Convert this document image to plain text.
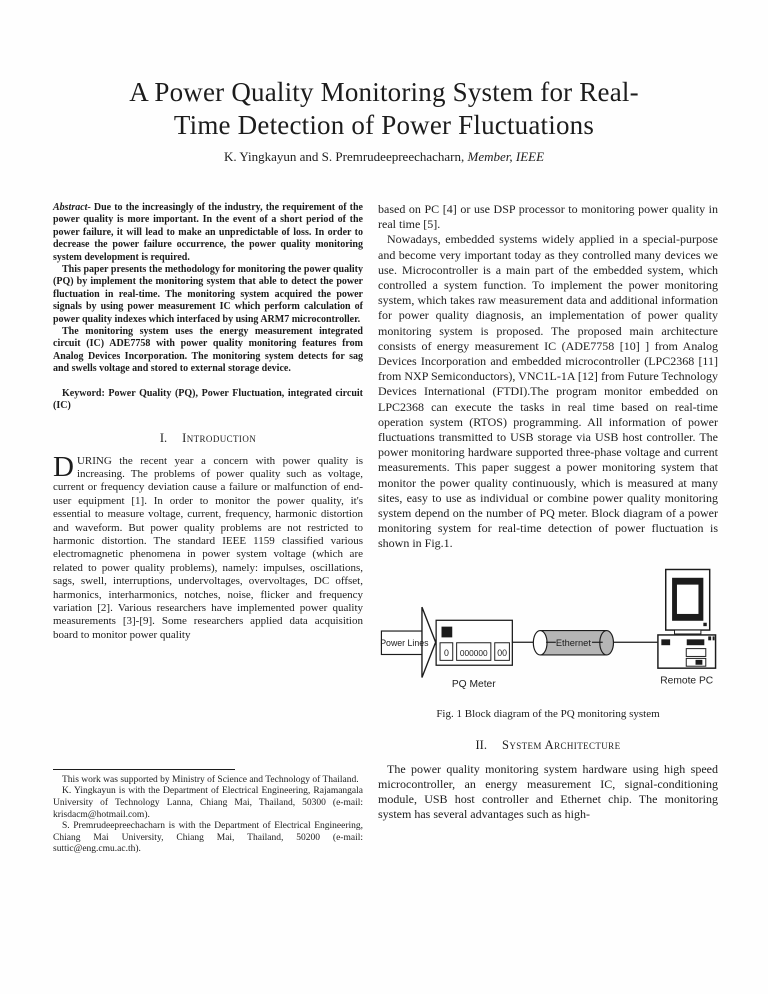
A Power Quality Monitoring System for Real-
Time Detection of Power Fluctuations
K. Yingkayun and S. Premrudeepreechacharn, Member, IEEE

Abstract- Due to the increasingly of the industry, the requirement of the power quality is more important. In the event of a short period of the power failure, it will lead to make an unpredictable of loss. In order to decrease the power failure occurrence, the power quality monitoring system development is required.

This paper presents the methodology for monitoring the power quality (PQ) by implement the monitoring system that able to detect the power fluctuation in real-time. The monitoring system acquired the power signals by using power measurement IC which perform calculation of power quality indexes which interfaced by using ARM7 microcontroller.

The monitoring system uses the energy measurement integrated circuit (IC) ADE7758 with power quality monitoring features from Analog Devices Incorporation. The monitoring system detects for sag and swells voltage and stored to external storage device.

Keyword: Power Quality (PQ), Power Fluctuation, integrated circuit (IC)

I. Introduction

DURING the recent year a concern with power quality is increasing. The problems of power quality such as voltage, current or frequency deviation cause a failure or malfunction of end-user equipment [1]. In order to monitor the power quality, it's essential to measure voltage, current, frequency, harmonic distortion and waveform. But power quality problems are not restricted to harmonic distortion. The standard IEEE 1159 classified various electromagnetic phenomena in power system voltage (which are related to power quality problems), namely: impulses, oscillations, sags, swell, interruptions, undervoltages, overvoltages, DC offset, harmonics, interharmonics, notches, noise, flicker and frequency variation [2]. Various researchers have implemented power quality measurements [3]-[9]. Some researchers applied data acquisition board to monitor power quality

This work was supported by Ministry of Science and Technology of Thailand.

K. Yingkayun is with the Department of Electrical Engineering, Rajamangala University of Technology Lanna, Chiang Mai, Thailand, 50300 (e-mail: krisdacm@hotmail.com).

S. Premrudeepreechacharn is with the Department of Electrical Engineering, Chiang Mai University, Chiang Mai, Thailand, 50200 (e-mail: suttic@eng.cmu.ac.th).

based on PC [4] or use DSP processor to monitoring power quality in real time [5].

Nowadays, embedded systems widely applied in a special-purpose and become very important today as they controlled many devices we use. Microcontroller is a main part of the embedded system, which controlled a system function. To implement the power monitoring system, which takes raw measurement data and additional information for power quality diagnosis, an implementation of power quality monitoring system is proposed. The proposed main architecture consists of energy measurement IC (ADE7758 [10] ] from Analog Devices Incorporation and embedded microcontroller (LPC2368 [11] from NXP Semiconductors), VNC1L-1A [12] from Future Technology Devices International (FTDI).The program monitor embedded on LPC2368 can execute the tasks in real time based on real-time operation system (RTOS) programming. All information of power fluctuations transmitted to USB storage via USB host controller. The power monitoring hardware supported three-phase voltage and current measurements. This paper suggest a power monitoring system that monitor the power quality continuously, which is measured at many sites, easy to use as individual or combine power quality monitoring system depend on the number of PQ meter. Block diagram of a power monitoring system for real-time detection of power fluctuation is shown in Fig.1.

Power Lines
0 000000 00
PQ Meter
Ethernet
Remote PC
Fig. 1 Block diagram of the PQ monitoring system
II. System Architecture

The power quality monitoring system hardware using high speed microcontroller, an energy measurement IC, signal-conditioning module, USB host controller and Ethernet chip. The monitoring system has several advantages such as high-
